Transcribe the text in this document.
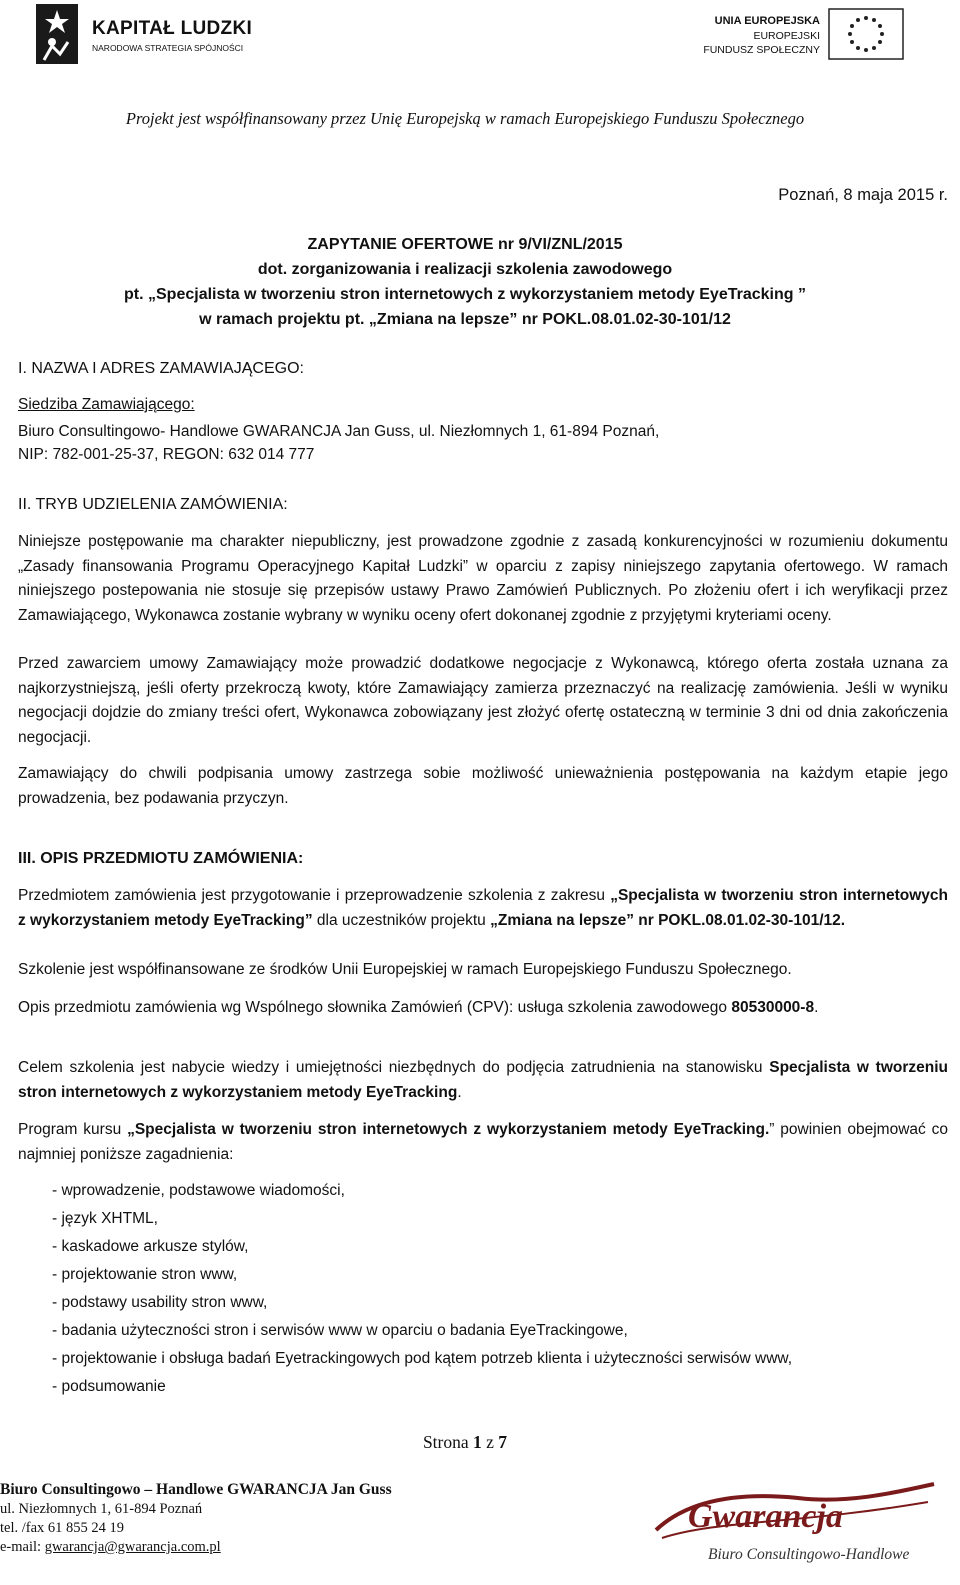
KAPITAŁ LUDZKI
NARODOWA STRATEGIA SPÓJNOŚCI
UNIA EUROPEJSKA
EUROPEJSKI
FUNDUSZ SPOŁECZNY
Projekt jest współfinansowany przez Unię Europejską w ramach Europejskiego Funduszu Społecznego
Poznań, 8 maja 2015 r.
ZAPYTANIE OFERTOWE nr 9/VI/ZNL/2015
dot. zorganizowania i realizacji szkolenia zawodowego
pt. „Specjalista w tworzeniu stron internetowych z wykorzystaniem metody EyeTracking ”
w ramach projektu pt. „Zmiana na lepsze” nr POKL.08.01.02-30-101/12
I. NAZWA I ADRES ZAMAWIAJĄCEGO:
Siedziba Zamawiającego:
Biuro Consultingowo- Handlowe GWARANCJA Jan Guss, ul. Niezłomnych 1, 61-894 Poznań,
NIP: 782-001-25-37, REGON: 632 014 777
II. TRYB UDZIELENIA ZAMÓWIENIA:
Niniejsze postępowanie ma charakter niepubliczny, jest prowadzone zgodnie z zasadą konkurencyjności w rozumieniu dokumentu „Zasady finansowania Programu Operacyjnego Kapitał Ludzki” w oparciu z zapisy niniejszego zapytania ofertowego. W ramach niniejszego postepowania nie stosuje się przepisów ustawy Prawo Zamówień Publicznych. Po złożeniu ofert i ich weryfikacji przez Zamawiającego, Wykonawca zostanie wybrany w wyniku oceny ofert dokonanej zgodnie z przyjętymi kryteriami oceny.
Przed zawarciem umowy Zamawiający może prowadzić dodatkowe negocjacje z Wykonawcą, którego oferta została uznana za najkorzystniejszą, jeśli oferty przekroczą kwoty, które Zamawiający zamierza przeznaczyć na realizację zamówienia. Jeśli w wyniku negocjacji dojdzie do zmiany treści ofert, Wykonawca zobowiązany jest złożyć ofertę ostateczną w terminie 3 dni od dnia zakończenia negocjacji.
Zamawiający do chwili podpisania umowy zastrzega sobie możliwość unieważnienia postępowania na każdym etapie jego prowadzenia, bez podawania przyczyn.
III. OPIS PRZEDMIOTU ZAMÓWIENIA:
Przedmiotem zamówienia jest przygotowanie i przeprowadzenie szkolenia z zakresu „Specjalista w tworzeniu stron internetowych z wykorzystaniem metody EyeTracking” dla uczestników projektu „Zmiana na lepsze” nr POKL.08.01.02-30-101/12.
Szkolenie jest współfinansowane ze środków Unii Europejskiej w ramach Europejskiego Funduszu Społecznego.
Opis przedmiotu zamówienia wg Wspólnego słownika Zamówień (CPV): usługa szkolenia zawodowego 80530000-8.
Celem szkolenia jest nabycie wiedzy i umiejętności niezbędnych do podjęcia zatrudnienia na stanowisku Specjalista w tworzeniu stron internetowych z wykorzystaniem metody EyeTracking.
Program kursu „Specjalista w tworzeniu stron internetowych z wykorzystaniem metody EyeTracking.” powinien obejmować co najmniej poniższe zagadnienia:
- wprowadzenie, podstawowe wiadomości,
- język XHTML,
- kaskadowe arkusze stylów,
- projektowanie stron www,
- podstawy usability stron www,
- badania użyteczności stron i serwisów www w oparciu o badania EyeTrackingowe,
- projektowanie i obsługa badań Eyetrackingowych pod kątem potrzeb klienta i użyteczności serwisów www,
- podsumowanie
Strona 1 z 7
Biuro Consultingowo – Handlowe GWARANCJA Jan Guss
ul. Niezłomnych 1, 61-894 Poznań
tel. /fax 61 855 24 19
e-mail: gwarancja@gwarancja.com.pl
Gwarancja
Biuro Consultingowo-Handlowe
